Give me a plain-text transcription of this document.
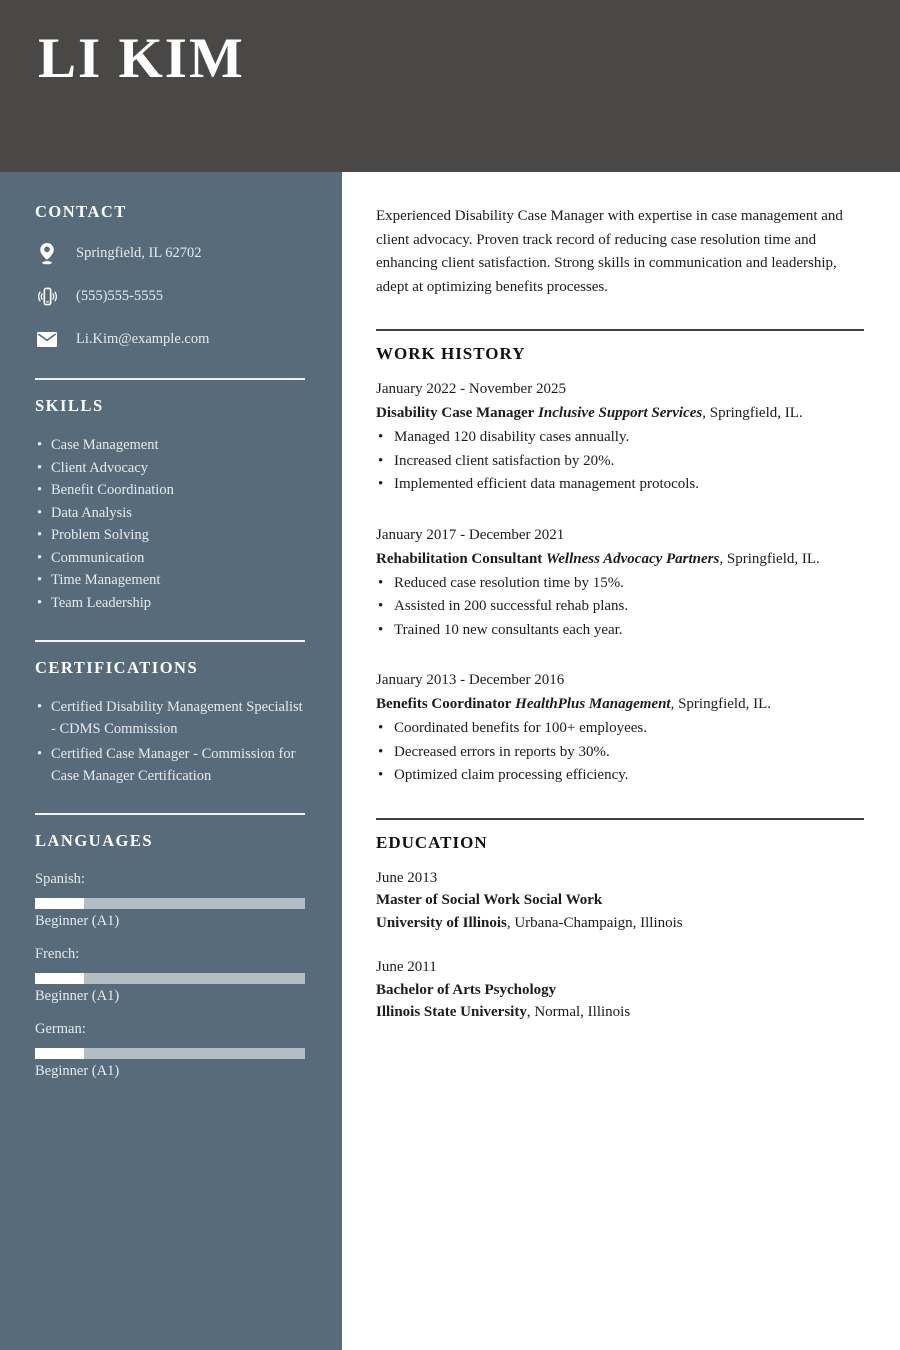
LI KIM
CONTACT
Springfield, IL 62702
(555)555-5555
Li.Kim@example.com
SKILLS
• Case Management
• Client Advocacy
• Benefit Coordination
• Data Analysis
• Problem Solving
• Communication
• Time Management
• Team Leadership
CERTIFICATIONS
• Certified Disability Management Specialist - CDMS Commission
• Certified Case Manager - Commission for Case Manager Certification
LANGUAGES
Spanish:
Beginner (A1)
French:
Beginner (A1)
German:
Beginner (A1)

Experienced Disability Case Manager with expertise in case management and client advocacy. Proven track record of reducing case resolution time and enhancing client satisfaction. Strong skills in communication and leadership, adept at optimizing benefits processes.

WORK HISTORY
January 2022 - November 2025
Disability Case Manager Inclusive Support Services, Springfield, IL.
• Managed 120 disability cases annually.
• Increased client satisfaction by 20%.
• Implemented efficient data management protocols.
January 2017 - December 2021
Rehabilitation Consultant Wellness Advocacy Partners, Springfield, IL.
• Reduced case resolution time by 15%.
• Assisted in 200 successful rehab plans.
• Trained 10 new consultants each year.
January 2013 - December 2016
Benefits Coordinator HealthPlus Management, Springfield, IL.
• Coordinated benefits for 100+ employees.
• Decreased errors in reports by 30%.
• Optimized claim processing efficiency.
EDUCATION
June 2013
Master of Social Work Social Work
University of Illinois, Urbana-Champaign, Illinois
June 2011
Bachelor of Arts Psychology
Illinois State University, Normal, Illinois
